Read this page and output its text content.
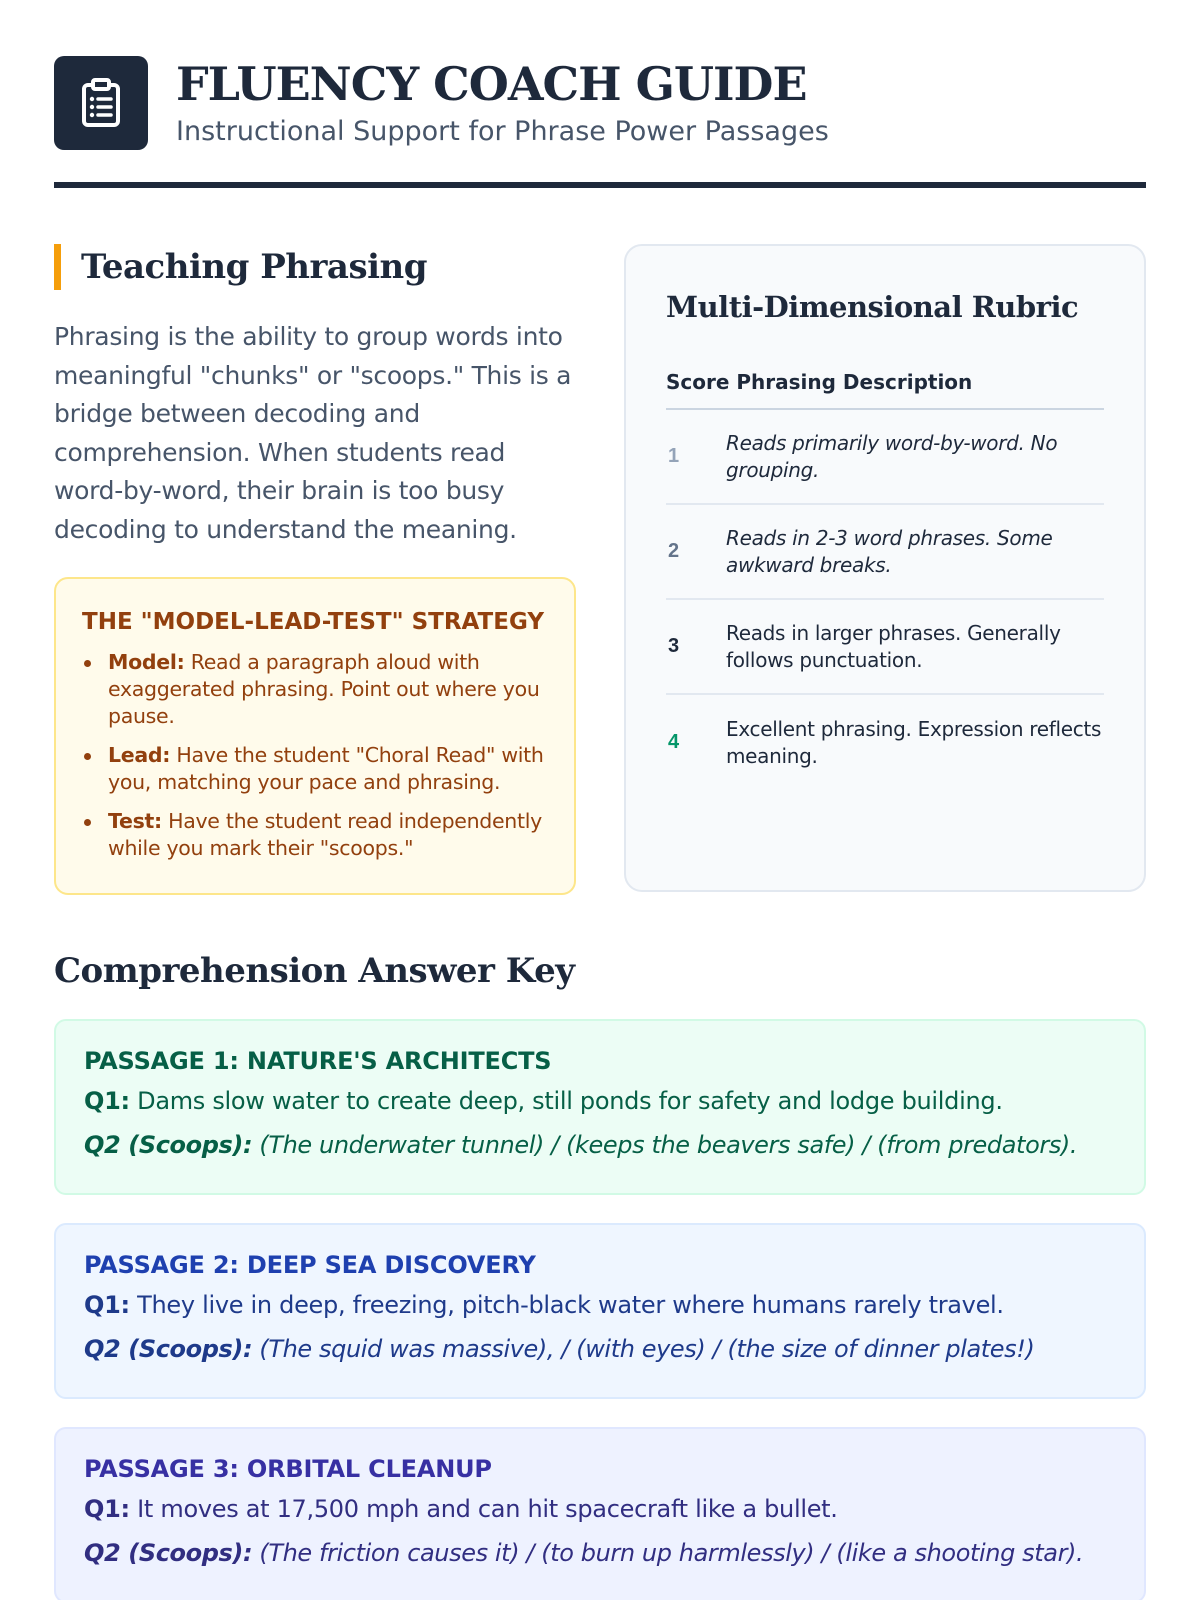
FLUENCY COACH GUIDE
Instructional Support for Phrase Power Passages
Teaching Phrasing

Phrasing is the ability to group words into meaningful "chunks" or "scoops." This is a bridge between decoding and comprehension. When students read word-by-word, their brain is too busy decoding to understand the meaning.

THE "MODEL-LEAD-TEST" STRATEGY
Model: Read a paragraph aloud with exaggerated phrasing. Point out where you pause.
Lead: Have the student "Choral Read" with you, matching your pace and phrasing.
Test: Have the student read independently while you mark their "scoops."
Multi-Dimensional Rubric
Score Phrasing Description
1
Reads primarily word-by-word. No grouping.
2
Reads in 2-3 word phrases. Some awkward breaks.
3
Reads in larger phrases. Generally follows punctuation.
4
Excellent phrasing. Expression reflects meaning.
Comprehension Answer Key
PASSAGE 1: NATURE'S ARCHITECTS
Q1: Dams slow water to create deep, still ponds for safety and lodge building.
Q2 (Scoops): (The underwater tunnel) / (keeps the beavers safe) / (from predators).
PASSAGE 2: DEEP SEA DISCOVERY
Q1: They live in deep, freezing, pitch-black water where humans rarely travel.
Q2 (Scoops): (The squid was massive), / (with eyes) / (the size of dinner plates!)
PASSAGE 3: ORBITAL CLEANUP
Q1: It moves at 17,500 mph and can hit spacecraft like a bullet.
Q2 (Scoops): (The friction causes it) / (to burn up harmlessly) / (like a shooting star).
